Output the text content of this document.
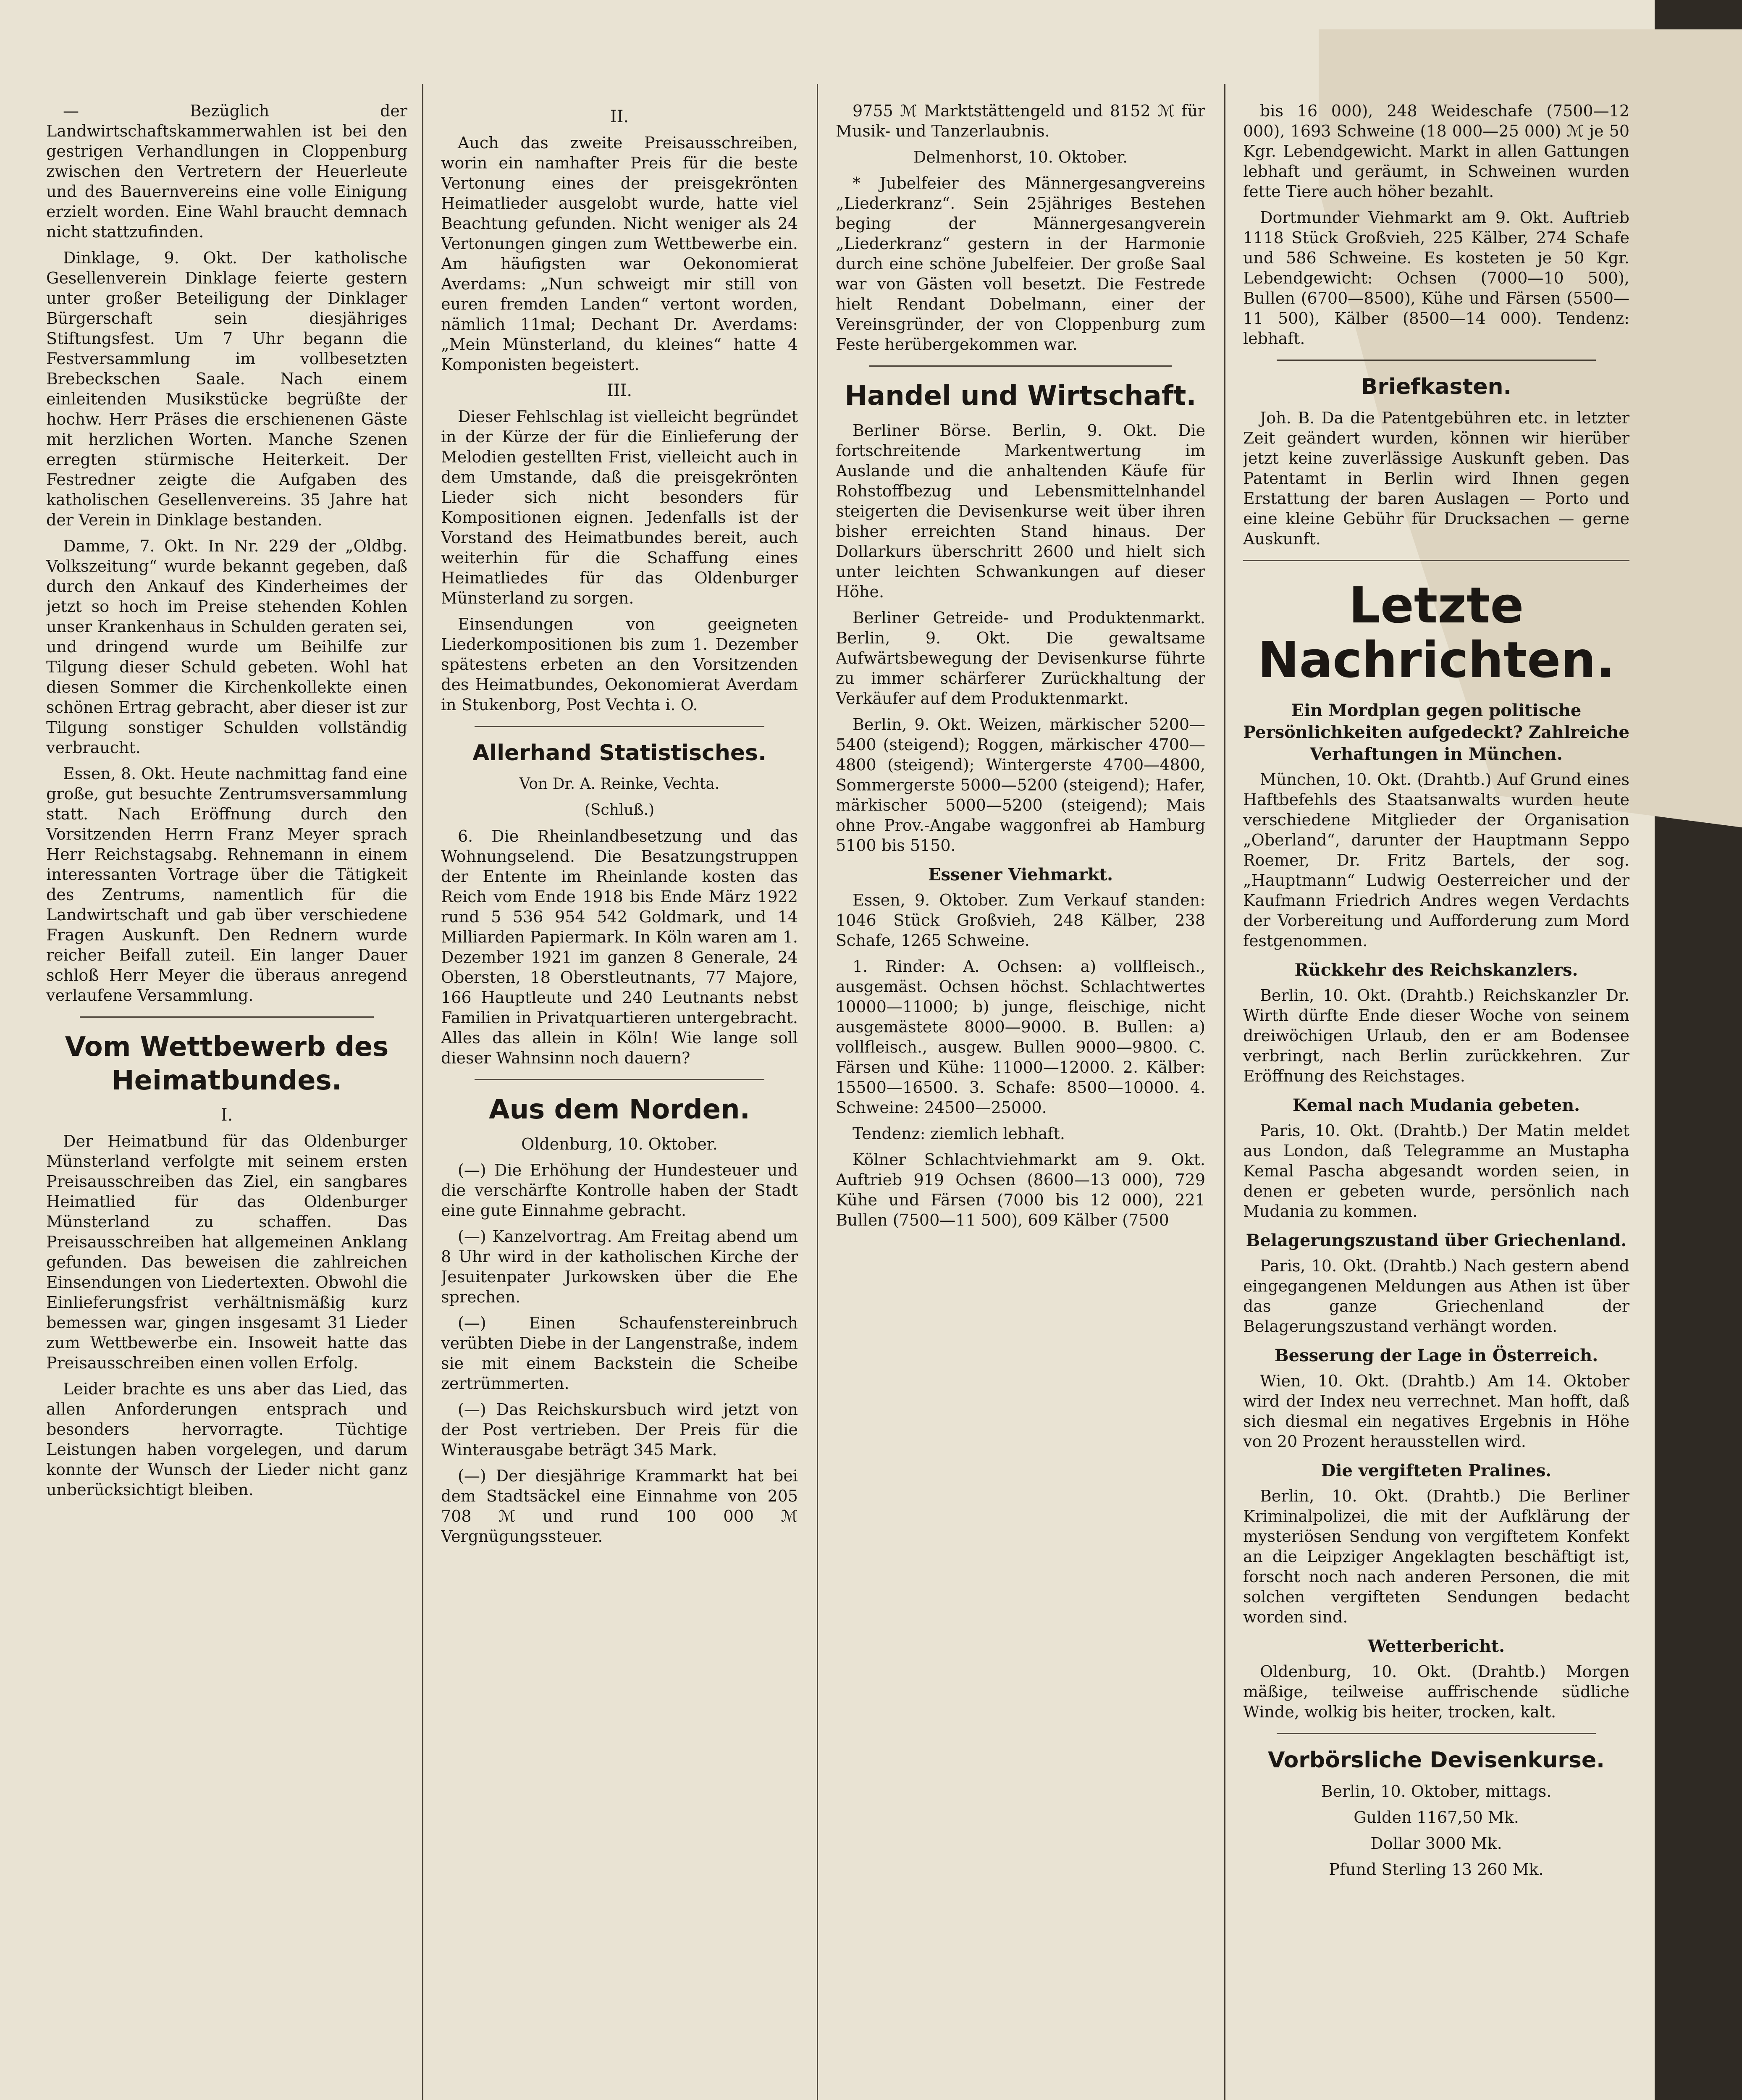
— Bezüglich der Landwirtschaftskammerwahlen ist bei den gestrigen Verhandlungen in Cloppenburg zwischen den Vertretern der Heuerleute und des Bauernvereins eine volle Einigung erzielt worden. Eine Wahl braucht demnach nicht stattzufinden.

Dinklage, 9. Okt. Der katholische Gesellenverein Dinklage feierte gestern unter großer Beteiligung der Dinklager Bürgerschaft sein diesjähriges Stiftungsfest. Um 7 Uhr begann die Festversammlung im vollbesetzten Brebeckschen Saale. Nach einem einleitenden Musikstücke begrüßte der hochw. Herr Präses die erschienenen Gäste mit herzlichen Worten. Manche Szenen erregten stürmische Heiterkeit. Der Festredner zeigte die Aufgaben des katholischen Gesellenvereins. 35 Jahre hat der Verein in Dinklage bestanden.

Damme, 7. Okt. In Nr. 229 der „Oldbg. Volkszeitung“ wurde bekannt gegeben, daß durch den Ankauf des Kinderheimes der jetzt so hoch im Preise stehenden Kohlen unser Krankenhaus in Schulden geraten sei, und dringend wurde um Beihilfe zur Tilgung dieser Schuld gebeten. Wohl hat diesen Sommer die Kirchenkollekte einen schönen Ertrag gebracht, aber dieser ist zur Tilgung sonstiger Schulden vollständig verbraucht.

Essen, 8. Okt. Heute nachmittag fand eine große, gut besuchte Zentrumsversammlung statt. Nach Eröffnung durch den Vorsitzenden Herrn Franz Meyer sprach Herr Reichstagsabg. Rehnemann in einem interessanten Vortrage über die Tätigkeit des Zentrums, namentlich für die Landwirtschaft und gab über verschiedene Fragen Auskunft. Den Rednern wurde reicher Beifall zuteil. Ein langer Dauer schloß Herr Meyer die überaus anregend verlaufene Versammlung.

Vom Wettbewerb des Heimatbundes.
I.

Der Heimatbund für das Oldenburger Münsterland verfolgte mit seinem ersten Preisausschreiben das Ziel, ein sangbares Heimatlied für das Oldenburger Münsterland zu schaffen. Das Preisausschreiben hat allgemeinen Anklang gefunden. Das beweisen die zahlreichen Einsendungen von Liedertexten. Obwohl die Einlieferungsfrist verhältnismäßig kurz bemessen war, gingen insgesamt 31 Lieder zum Wettbewerbe ein. Insoweit hatte das Preisausschreiben einen vollen Erfolg.

Leider brachte es uns aber das Lied, das allen Anforderungen entsprach und besonders hervorragte. Tüchtige Leistungen haben vorgelegen, und darum konnte der Wunsch der Lieder nicht ganz unberücksichtigt bleiben.

II.

Auch das zweite Preisausschreiben, worin ein namhafter Preis für die beste Vertonung eines der preisgekrönten Heimatlieder ausgelobt wurde, hatte viel Beachtung gefunden. Nicht weniger als 24 Vertonungen gingen zum Wettbewerbe ein. Am häufigsten war Oekonomierat Averdams: „Nun schweigt mir still von euren fremden Landen“ vertont worden, nämlich 11mal; Dechant Dr. Averdams: „Mein Münsterland, du kleines“ hatte 4 Komponisten begeistert.

III.

Dieser Fehlschlag ist vielleicht begründet in der Kürze der für die Einlieferung der Melodien gestellten Frist, vielleicht auch in dem Umstande, daß die preisgekrönten Lieder sich nicht besonders für Kompositionen eignen. Jedenfalls ist der Vorstand des Heimatbundes bereit, auch weiterhin für die Schaffung eines Heimatliedes für das Oldenburger Münsterland zu sorgen.

Einsendungen von geeigneten Liederkompositionen bis zum 1. Dezember spätestens erbeten an den Vorsitzenden des Heimatbundes, Oekonomierat Averdam in Stukenborg, Post Vechta i. O.

Allerhand Statistisches.
Von Dr. A. Reinke, Vechta.
(Schluß.)

6. Die Rheinlandbesetzung und das Wohnungselend. Die Besatzungstruppen der Entente im Rheinlande kosten das Reich vom Ende 1918 bis Ende März 1922 rund 5 536 954 542 Goldmark, und 14 Milliarden Papiermark. In Köln waren am 1. Dezember 1921 im ganzen 8 Generale, 24 Obersten, 18 Oberstleutnants, 77 Majore, 166 Hauptleute und 240 Leutnants nebst Familien in Privatquartieren untergebracht. Alles das allein in Köln! Wie lange soll dieser Wahnsinn noch dauern?

Aus dem Norden.
Oldenburg, 10. Oktober.

(—) Die Erhöhung der Hundesteuer und die verschärfte Kontrolle haben der Stadt eine gute Einnahme gebracht.

(—) Kanzelvortrag. Am Freitag abend um 8 Uhr wird in der katholischen Kirche der Jesuitenpater Jurkowsken über die Ehe sprechen.

(—) Einen Schaufenstereinbruch verübten Diebe in der Langenstraße, indem sie mit einem Backstein die Scheibe zertrümmerten.

(—) Das Reichskursbuch wird jetzt von der Post vertrieben. Der Preis für die Winterausgabe beträgt 345 Mark.

(—) Der diesjährige Krammarkt hat bei dem Stadtsäckel eine Einnahme von 205 708 ℳ und rund 100 000 ℳ Vergnügungssteuer.

9755 ℳ Marktstättengeld und 8152 ℳ für Musik- und Tanzerlaubnis.

Delmenhorst, 10. Oktober.

* Jubelfeier des Männergesangvereins „Liederkranz“. Sein 25jähriges Bestehen beging der Männergesangverein „Liederkranz“ gestern in der Harmonie durch eine schöne Jubelfeier. Der große Saal war von Gästen voll besetzt. Die Festrede hielt Rendant Dobelmann, einer der Vereinsgründer, der von Cloppenburg zum Feste herübergekommen war.

Handel und Wirtschaft.

Berliner Börse. Berlin, 9. Okt. Die fortschreitende Markentwertung im Auslande und die anhaltenden Käufe für Rohstoffbezug und Lebensmittelnhandel steigerten die Devisenkurse weit über ihren bisher erreichten Stand hinaus. Der Dollarkurs überschritt 2600 und hielt sich unter leichten Schwankungen auf dieser Höhe.

Berliner Getreide- und Produktenmarkt. Berlin, 9. Okt. Die gewaltsame Aufwärtsbewegung der Devisenkurse führte zu immer schärferer Zurückhaltung der Verkäufer auf dem Produktenmarkt.

Berlin, 9. Okt. Weizen, märkischer 5200—5400 (steigend); Roggen, märkischer 4700—4800 (steigend); Wintergerste 4700—4800, Sommergerste 5000—5200 (steigend); Hafer, märkischer 5000—5200 (steigend); Mais ohne Prov.-Angabe waggonfrei ab Hamburg 5100 bis 5150.

Essener Viehmarkt.

Essen, 9. Oktober. Zum Verkauf standen: 1046 Stück Großvieh, 248 Kälber, 238 Schafe, 1265 Schweine.

1. Rinder: A. Ochsen: a) vollfleisch., ausgemäst. Ochsen höchst. Schlachtwertes 10000—11000; b) junge, fleischige, nicht ausgemästete 8000—9000. B. Bullen: a) vollfleisch., ausgew. Bullen 9000—9800. C. Färsen und Kühe: 11000—12000. 2. Kälber: 15500—16500. 3. Schafe: 8500—10000. 4. Schweine: 24500—25000.

Tendenz: ziemlich lebhaft.

Kölner Schlachtviehmarkt am 9. Okt. Auftrieb 919 Ochsen (8600—13 000), 729 Kühe und Färsen (7000 bis 12 000), 221 Bullen (7500—11 500), 609 Kälber (7500

bis 16 000), 248 Weideschafe (7500—12 000), 1693 Schweine (18 000—25 000) ℳ je 50 Kgr. Lebendgewicht. Markt in allen Gattungen lebhaft und geräumt, in Schweinen wurden fette Tiere auch höher bezahlt.

Dortmunder Viehmarkt am 9. Okt. Auftrieb 1118 Stück Großvieh, 225 Kälber, 274 Schafe und 586 Schweine. Es kosteten je 50 Kgr. Lebendgewicht: Ochsen (7000—10 500), Bullen (6700—8500), Kühe und Färsen (5500—11 500), Kälber (8500—14 000). Tendenz: lebhaft.

Briefkasten.

Joh. B. Da die Patentgebühren etc. in letzter Zeit geändert wurden, können wir hierüber jetzt keine zuverlässige Auskunft geben. Das Patentamt in Berlin wird Ihnen gegen Erstattung der baren Auslagen — Porto und eine kleine Gebühr für Drucksachen — gerne Auskunft.

Letzte Nachrichten.
Ein Mordplan gegen politische Persönlichkeiten aufgedeckt? Zahlreiche Verhaftungen in München.

München, 10. Okt. (Drahtb.) Auf Grund eines Haftbefehls des Staatsanwalts wurden heute verschiedene Mitglieder der Organisation „Oberland“, darunter der Hauptmann Seppo Roemer, Dr. Fritz Bartels, der sog. „Hauptmann“ Ludwig Oesterreicher und der Kaufmann Friedrich Andres wegen Verdachts der Vorbereitung und Aufforderung zum Mord festgenommen.

Rückkehr des Reichskanzlers.

Berlin, 10. Okt. (Drahtb.) Reichskanzler Dr. Wirth dürfte Ende dieser Woche von seinem dreiwöchigen Urlaub, den er am Bodensee verbringt, nach Berlin zurückkehren. Zur Eröffnung des Reichstages.

Kemal nach Mudania gebeten.

Paris, 10. Okt. (Drahtb.) Der Matin meldet aus London, daß Telegramme an Mustapha Kemal Pascha abgesandt worden seien, in denen er gebeten wurde, persönlich nach Mudania zu kommen.

Belagerungszustand über Griechenland.

Paris, 10. Okt. (Drahtb.) Nach gestern abend eingegangenen Meldungen aus Athen ist über das ganze Griechenland der Belagerungszustand verhängt worden.

Besserung der Lage in Österreich.

Wien, 10. Okt. (Drahtb.) Am 14. Oktober wird der Index neu verrechnet. Man hofft, daß sich diesmal ein negatives Ergebnis in Höhe von 20 Prozent herausstellen wird.

Die vergifteten Pralines.

Berlin, 10. Okt. (Drahtb.) Die Berliner Kriminalpolizei, die mit der Aufklärung der mysteriösen Sendung von vergiftetem Konfekt an die Leipziger Angeklagten beschäftigt ist, forscht noch nach anderen Personen, die mit solchen vergifteten Sendungen bedacht worden sind.

Wetterbericht.

Oldenburg, 10. Okt. (Drahtb.) Morgen mäßige, teilweise auffrischende südliche Winde, wolkig bis heiter, trocken, kalt.

Vorbörsliche Devisenkurse.
Berlin, 10. Oktober, mittags.
Gulden 1167,50 Mk.
Dollar 3000 Mk.
Pfund Sterling 13 260 Mk.
